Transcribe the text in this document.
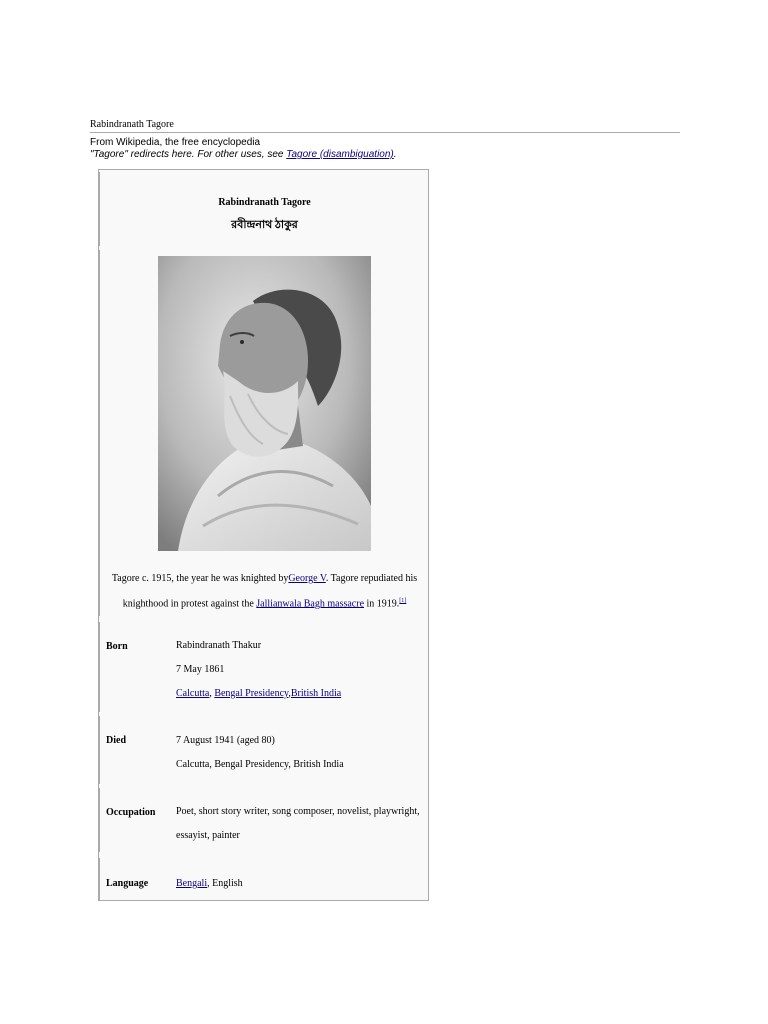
Rabindranath Tagore
From Wikipedia, the free encyclopedia
"Tagore" redirects here. For other uses, see Tagore (disambiguation).
Rabindranath Tagore
রবীন্দ্রনাথ ঠাকুর
Tagore c. 1915, the year he was knighted byGeorge V. Tagore repudiated his knighthood in protest against the Jallianwala Bagh massacre in 1919.[1]
Born	Rabindranath Thakur
7 May 1861
Calcutta, Bengal Presidency,British India
Died	7 August 1941 (aged 80)
Calcutta, Bengal Presidency, British India
Occupation Poet, short story writer, song composer, novelist, playwright,
essayist, painter
Language	Bengali, English
